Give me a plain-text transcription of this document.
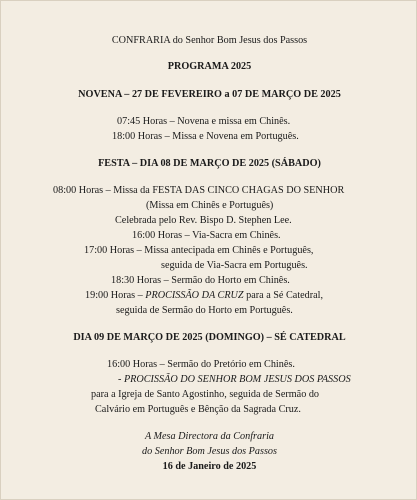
CONFRARIA do Senhor Bom Jesus dos Passos
PROGRAMA 2025
NOVENA – 27 DE FEVEREIRO a 07 DE MARÇO DE 2025
07:45 Horas – Novena e missa em Chinês.
18:00 Horas – Missa e Novena em Português.
FESTA – DIA 08 DE MARÇO DE 2025 (SÁBADO)
08:00 Horas – Missa da FESTA DAS CINCO CHAGAS DO SENHOR
(Missa em Chinês e Português)
Celebrada pelo Rev. Bispo D. Stephen Lee.
16:00 Horas – Via-Sacra em Chinês.
17:00 Horas – Missa antecipada em Chinês e Português,
seguida de Via-Sacra em Português.
18:30 Horas – Sermão do Horto em Chinês.
19:00 Horas – PROCISSÃO DA CRUZ para a Sé Catedral,
seguida de Sermão do Horto em Português.
DIA 09 DE MARÇO DE 2025 (DOMINGO) – SÉ CATEDRAL
16:00 Horas – Sermão do Pretório em Chinês.
- PROCISSÃO DO SENHOR BOM JESUS DOS PASSOS
para a Igreja de Santo Agostinho, seguida de Sermão do
Calvário em Português e Bênção da Sagrada Cruz.
A Mesa Directora da Confraria
do Senhor Bom Jesus dos Passos
16 de Janeiro de 2025
